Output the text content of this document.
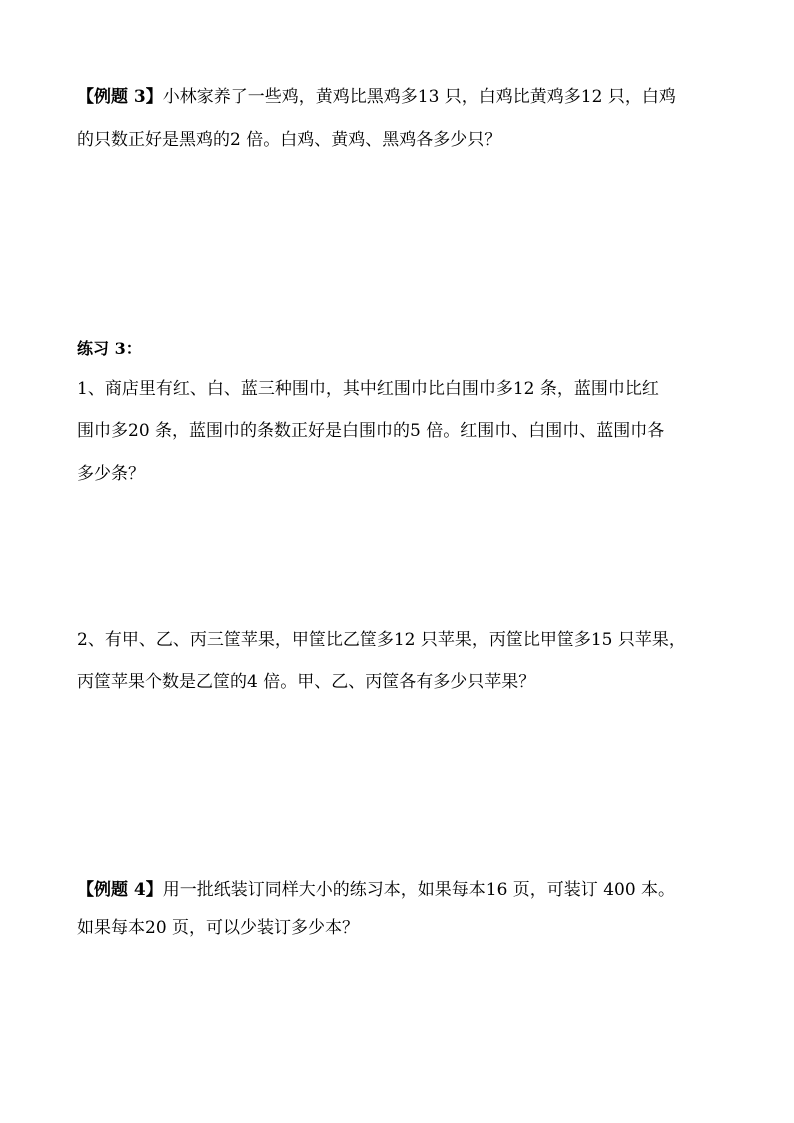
【例题 3】小林家养了一些鸡，黄鸡比黑鸡多13 只，白鸡比黄鸡多12 只，白鸡
的只数正好是黑鸡的2 倍。白鸡、黄鸡、黑鸡各多少只？
练习 3：
1、商店里有红、白、蓝三种围巾，其中红围巾比白围巾多12 条，蓝围巾比红
围巾多20 条，蓝围巾的条数正好是白围巾的5 倍。红围巾、白围巾、蓝围巾各
多少条？
2、有甲、乙、丙三筐苹果，甲筐比乙筐多12 只苹果，丙筐比甲筐多15 只苹果，
丙筐苹果个数是乙筐的4 倍。甲、乙、丙筐各有多少只苹果？
【例题 4】用一批纸装订同样大小的练习本，如果每本16 页，可装订 400 本。
如果每本20 页，可以少装订多少本？
